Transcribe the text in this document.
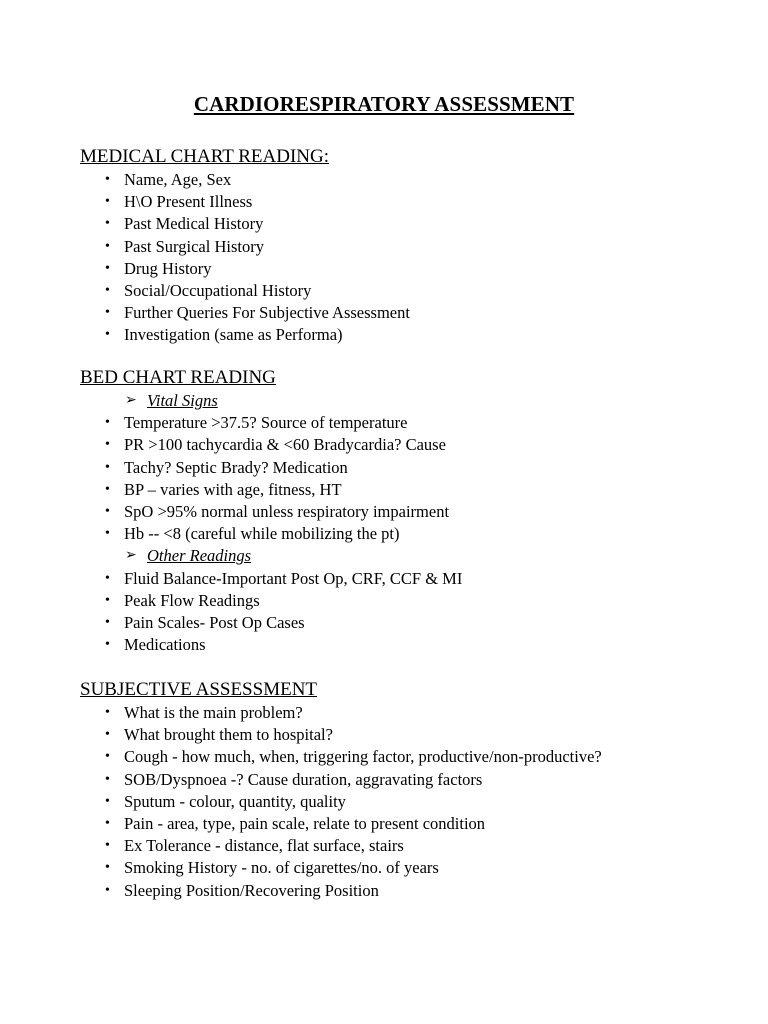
CARDIORESPIRATORY ASSESSMENT
MEDICAL CHART READING:
• Name, Age, Sex
• H\O Present Illness
• Past Medical History
• Past Surgical History
• Drug History
• Social/Occupational History
• Further Queries For Subjective Assessment
• Investigation (same as Performa)
BED CHART READING
➢ Vital Signs
• Temperature >37.5? Source of temperature
• PR >100 tachycardia & <60 Bradycardia? Cause
• Tachy? Septic Brady? Medication
• BP – varies with age, fitness, HT
• SpO >95% normal unless respiratory impairment
• Hb -- <8 (careful while mobilizing the pt)
➢ Other Readings
• Fluid Balance-Important Post Op, CRF, CCF & MI
• Peak Flow Readings
• Pain Scales- Post Op Cases
• Medications
SUBJECTIVE ASSESSMENT
• What is the main problem?
• What brought them to hospital?
• Cough - how much, when, triggering factor, productive/non-productive?
• SOB/Dyspnoea -? Cause duration, aggravating factors
• Sputum - colour, quantity, quality
• Pain - area, type, pain scale, relate to present condition
• Ex Tolerance - distance, flat surface, stairs
• Smoking History - no. of cigarettes/no. of years
• Sleeping Position/Recovering Position
